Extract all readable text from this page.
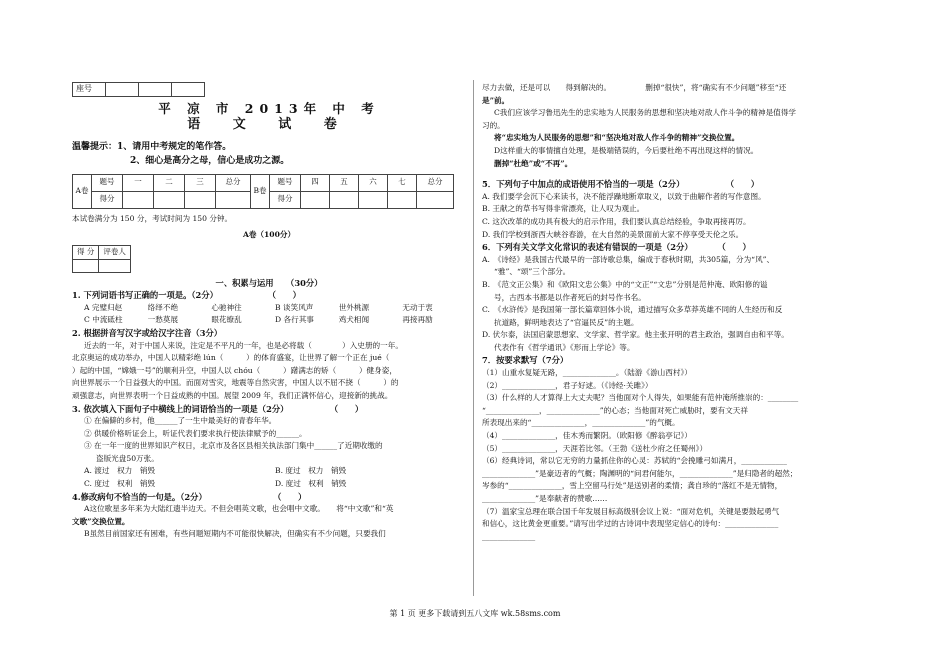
座号			
平 凉 市 2013年 中 考
语 文 试 卷
温馨提示：1、请用中考规定的笔作答。
2、细心是高分之母，信心是成功之源。
A卷	题号	一	二	三	总分	B卷	题号	四	五	六	七	总分
	得分						得分					
本试卷满分为 150 分，考试时间为 150 分钟。
A卷（100分）
得 分	评卷人

一、积累与运用　　（30分）
1. 下列词语书写正确的一项是。（2分）　　　　　　　（　　）
A 完璧归赵	络绎不绝	心驰神往	B 谈笑风声	世外桃源	无动于衷
C 中流砥柱	一愁莫展	眼花缭乱	D 各行其事	鸡犬相闻	再接再励
2. 根据拼音写汉字或给汉字注音（3分）
近去的一年，对于中国人来说，注定是不平凡的一年，也是必将载（　　　　）入史册的一年。
北京奥运的成功举办，中国人以精彩绝 lún（　　　）的体育盛宴，让世界了解一个正在 jué（
）起的中国，“嫦娥一号”的顺利升空，中国人以 chóu（　　　）躇满志的矫（　　　）健身姿，
向世界展示一个日益强大的中国。而面对雪灾，地震等自然灾害，中国人以不屈不挠（　　　）的
顽强意志，向世界表明一个日益成熟的中国。展望 2009 年，我们正满怀信心，迎接新的挑战。
3. 依次填入下面句子中横线上的词语恰当的一项是（2分）　　　　　　（　　）
① 在偏僻的乡村，他______了一生中最美好的青春年华。
② 供暖价格听证会上，听证代表们要求执行使法律赋予的______。
③ 在一年一度的世界知识产权日，北京市及各区县相关执法部门集中______了近期收缴的
盗版光盘50万张。
A. 渡过　权力　销毁	B. 度过　权力　销毁
C. 度过　权利　销毁	D. 度过　权利　销毁
4.修改病句不恰当的一句是。（2分）　　　　　　　　　（　　）
A这位歌星多年来为大陆红遗半边天。不但会唱英文歌，也会唱中文歌。　　将“中文歌”和“英
文歌”交换位置。
B虽然目前国家还有困难，有些问题短期内不可能很快解决，但确实有不少问题，只要我们
尽力去做，还是可以　　得到解决的。　　　　　删掉“很快”，将“确实有不少问题”移至“还
是”前。
C我们应该学习鲁迅先生的忠实地为人民服务的思想和坚决地对敌人作斗争的精神是值得学
习的。
将“忠实地为人民服务的思想”和“坚决地对敌人作斗争的精神”交换位置。
D这样重大的事情擅自处理，是极端错误的，今后要杜绝不再出现这样的情况。
删掉“杜绝”或“不再”。
5．下列句子中加点的成语使用不恰当的一项是（2分）　　　　　　（　　）
A. 我们要学会沉下心来读书，决不能浮躁地断章取义，以致于曲解作者的写作意图。
B. 王献之的草书写得非常漂亮，让人叹为观止。
C. 这次改革的成功具有极大的启示作用，我们要认真总结经验，争取再接再厉。
D. 我们学校到浙西大峡谷春游，在大自然的美景面前大家不停享受天伦之乐。
6．下列有关文学文化常识的表述有错误的一项是（2分）　　　　（　　）
A.　《诗经》是我国古代最早的一部诗歌总集，编成于春秋时期，共305篇，分为“风”、
“雅”、“颂”三个部分。
B.　《范文正公集》和《欧阳文忠公集》中的“文正”“文忠”分别是范仲淹、欧阳修的谥
号，古西本书都是以作者死后的封号作书名。
C.　《水浒传》是我国第一部长篇章回体小说，通过描写众多草莽英雄不同的人生经历和反
抗道路，鲜明地表达了“官逼民反”的主题。
D. 伏尔泰，法国启蒙思想家、文学家、哲学家。他主张开明的君主政治，强调自由和平等。
代表作有《哲学通讯》《形而上学论》等。
7．按要求默写（7分）
（1）山重水复疑无路，______________。（陆游《游山西村》）
（2）______________，君子好逑。（《诗经·关雎》）
（3）什么样的人才算得上大丈夫呢？当他面对个人得失，如果能有范仲淹所推崇的：________
“______________，______________”的心态；当他面对死亡威胁时，要有文天祥
所表现出来的“______________，______________”的气概。
（4）______________，佳木秀而繁阴。（欧阳修《醉翁亭记》）
（5）______________，天涯若比邻。（王勃《送杜少府之任蜀州》）
（6）经典诗词，常以它无穷的力量抓住你的心灵：苏轼的“会挽雕弓如满月，____________
______________”是豪迈者的气概；陶渊明的“问君何能尔，______________”是归隐者的超然；
岑参的“______________，雪上空留马行处”是送别者的柔情；龚自珍的“落红不是无情物，
______________”是奉献者的赞歌……
（7）温家宝总理在联合国千年发展目标高级别会议上说：“面对危机，关键是要鼓起勇气
和信心，这比黄金更重要。”请写出学过的古诗词中表现坚定信心的诗句：______________
______________
第 1 页 更多下载请到五八文库 wk.58sms.com
